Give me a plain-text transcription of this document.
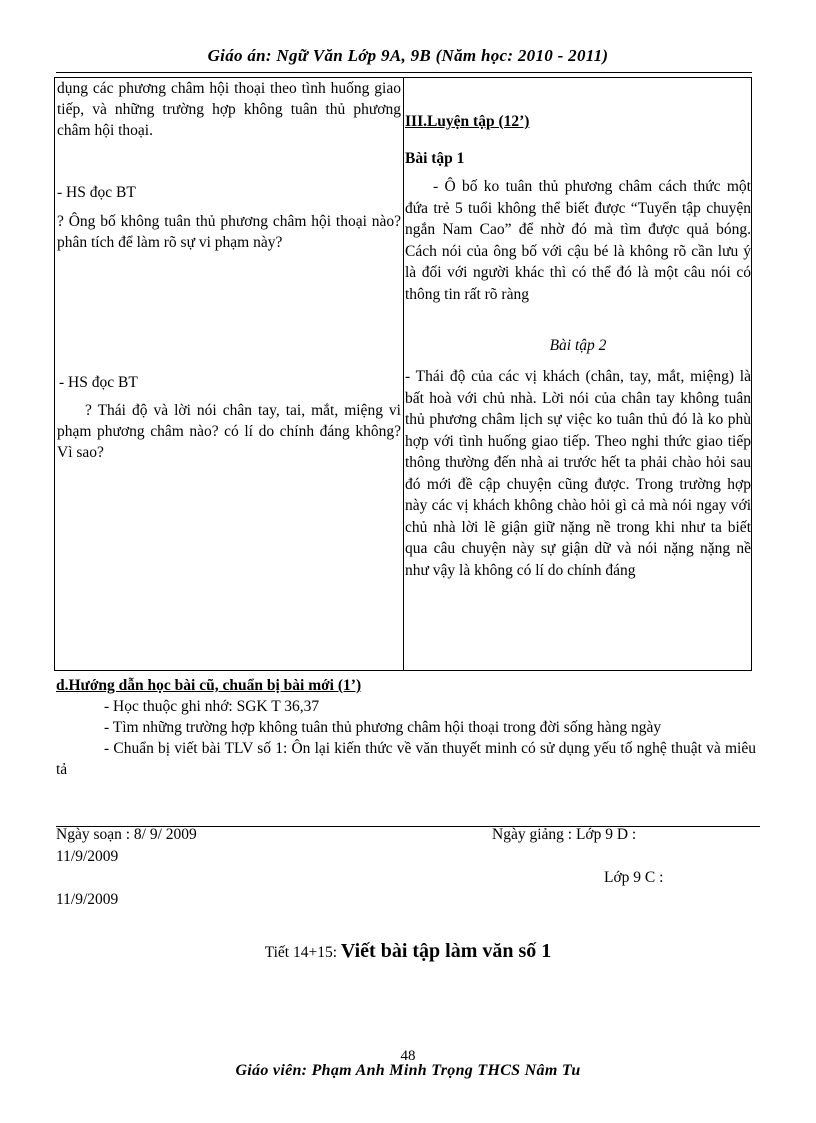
Giáo án: Ngữ Văn Lớp 9A, 9B (Năm học: 2010 - 2011)
dụng các phương châm hội thoại theo tình huống giao tiếp, và những trường hợp không tuân thủ phương châm hội thoại.
- HS đọc BT
? Ông bố không tuân thủ phương châm hội thoại nào? phân tích để làm rõ sự vi phạm này?
- HS đọc BT
? Thái độ và lời nói chân tay, tai, mắt, miệng vi phạm phương châm nào? có lí do chính đáng không? Vì sao?
III.Luyện tập (12’)
Bài tập 1
- Ô bố ko tuân thủ phương châm cách thức một đứa trẻ 5 tuổi không thể biết được “Tuyển tập chuyện ngắn Nam Cao” để nhờ đó mà tìm được quả bóng. Cách nói của ông bố với cậu bé là không rõ cần lưu ý là đối với người khác thì có thể đó là một câu nói có thông tin rất rõ ràng
Bài tập 2
- Thái độ của các vị khách (chân, tay, mắt, miệng) là bất hoà với chủ nhà. Lời nói của chân tay không tuân thủ phương châm lịch sự việc ko tuân thủ đó là ko phù hợp với tình huống giao tiếp. Theo nghi thức giao tiếp thông thường đến nhà ai trước hết ta phải chào hỏi sau đó mới đề cập chuyện cũng được. Trong trường hợp này các vị khách không chào hỏi gì cả mà nói ngay với chủ nhà lời lẽ giận giữ nặng nề trong khi như ta biết qua câu chuyện này sự giận dữ và nói nặng nặng nề như vậy là không có lí do chính đáng

d.Hướng dẫn học bài cũ, chuẩn bị bài mới (1’)

- Học thuộc ghi nhớ: SGK T 36,37

- Tìm những trường hợp không tuân thủ phương châm hội thoại trong đời sống hàng ngày

- Chuẩn bị viết bài TLV số 1: Ôn lại kiến thức về văn thuyết minh có sử dụng yếu tố nghệ thuật và miêu tả

Ngày soạn : 8/ 9/ 2009	Ngày giảng : Lớp 9 D :
11/9/2009
Lớp 9 C :
11/9/2009
Tiết 14+15: Viết bài tập làm văn số 1
48
Giáo viên: Phạm Anh Minh Trọng THCS Nâm Tu
